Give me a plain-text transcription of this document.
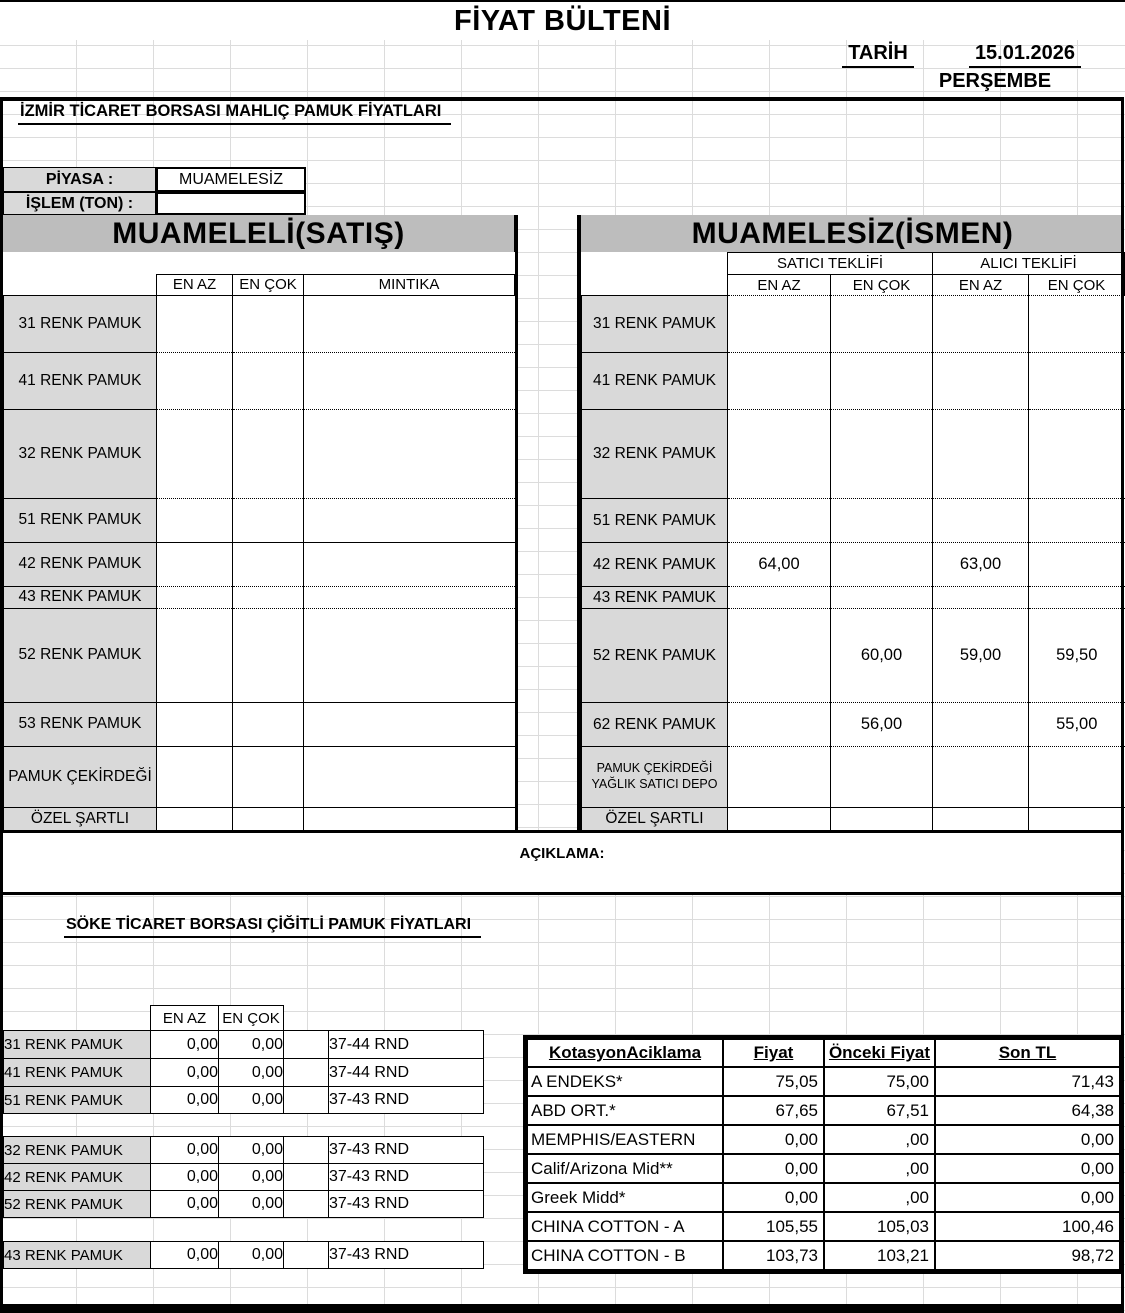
FİYAT BÜLTENİ
TARİH	15.01.2026
PERŞEMBE
İZMİR TİCARET BORSASI MAHLIÇ PAMUK FİYATLARI
PİYASA :	MUAMELESİZ
İŞLEM (TON) :
MUAMELELİ(SATIŞ)	MUAMELESİZ(İSMEN)

	EN AZ	EN ÇOK	MINTIKA
31 RENK PAMUK			
41 RENK PAMUK			
32 RENK PAMUK			
51 RENK PAMUK			
42 RENK PAMUK			
43 RENK PAMUK			
52 RENK PAMUK			
53 RENK PAMUK			
PAMUK ÇEKİRDEĞİ			
ÖZEL ŞARTLI			
	SATICI TEKLİFİ		ALICI TEKLİFİ	
	EN AZ	EN ÇOK	EN AZ	EN ÇOK
31 RENK PAMUK				
41 RENK PAMUK				
32 RENK PAMUK				
51 RENK PAMUK				
42 RENK PAMUK	64,00		63,00	
43 RENK PAMUK				
52 RENK PAMUK		60,00	59,00	59,50
62 RENK PAMUK		56,00		55,00

PAMUK ÇEKİRDEĞİ
YAĞLIK SATICI DEPO				

ÖZEL ŞARTLI				
AÇIKLAMA:
SÖKE TİCARET BORSASI ÇİĞİTLİ PAMUK FİYATLARI
	EN AZ	EN ÇOK		
31 RENK PAMUK	0,00	0,00		37-44 RND
41 RENK PAMUK	0,00	0,00		37-44 RND
51 RENK PAMUK	0,00	0,00		37-43 RND

32 RENK PAMUK	0,00	0,00		37-43 RND
42 RENK PAMUK	0,00	0,00		37-43 RND
52 RENK PAMUK	0,00	0,00		37-43 RND

43 RENK PAMUK	0,00	0,00		37-43 RND
KotasyonAciklama	Fiyat	Önceki Fiyat	Son TL
A ENDEKS*	75,05	75,00	71,43
ABD ORT.*	67,65	67,51	64,38
MEMPHIS/EASTERN	0,00	,00	0,00
Calif/Arizona Mid**	0,00	,00	0,00
Greek Midd*	0,00	,00	0,00
CHINA COTTON - A	105,55	105,03	100,46
CHINA COTTON - B	103,73	103,21	98,72
